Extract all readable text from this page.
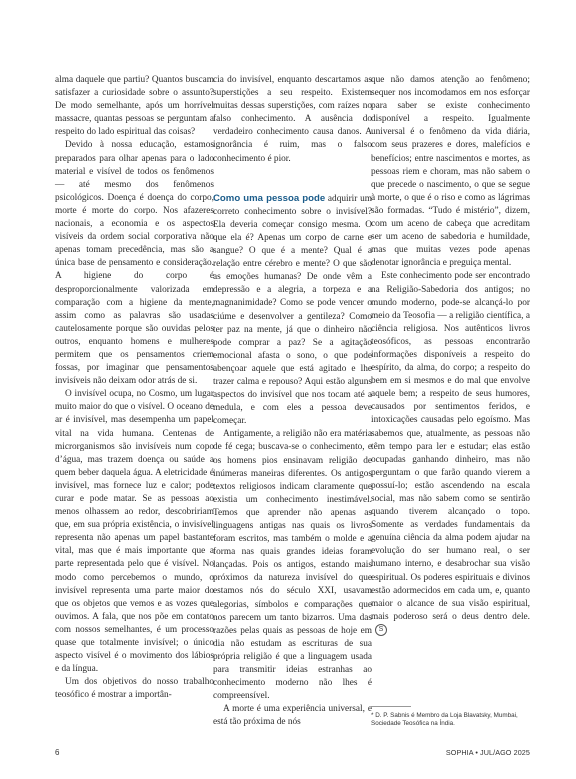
alma daquele que partiu? Quantos buscam satisfazer a curiosidade sobre o assunto? De modo semelhante, após um horrível massacre, quantas pessoas se perguntam a respeito do lado espiritual das coisas?

Devido à nossa educação, estamos preparados para olhar apenas para o lado material e visível de todos os fenômenos — até mesmo dos fenômenos psicológicos. Doença é doença do corpo, morte é morte do corpo. Nos afazeres nacionais, a economia e os aspectos visíveis da ordem social corporativa não apenas tomam precedência, mas são a única base de pensamento e consideração. A higiene do corpo é desproporcionalmente valorizada em comparação com a higiene da mente, assim como as palavras são usadas cautelosamente porque são ouvidas pelos outros, enquanto homens e mulheres permitem que os pensamentos criem fossas, por imaginar que pensamentos invisíveis não deixam odor atrás de si.

O invisível ocupa, no Cosmo, um lugar muito maior do que o visível. O oceano de ar é invisível, mas desempenha um papel vital na vida humana. Centenas de microrganismos são invisíveis num copo d’água, mas trazem doença ou saúde a quem beber daquela água. A eletricidade é invisível, mas fornece luz e calor; pode curar e pode matar. Se as pessoas ao menos olhassem ao redor, descobririam que, em sua própria existência, o invisível representa não apenas um papel bastante vital, mas que é mais importante que a parte representada pelo que é visível. No modo como percebemos o mundo, o invisível representa uma parte maior do que os objetos que vemos e as vozes que ouvimos. A fala, que nos põe em contato com nossos semelhantes, é um processo quase que totalmente invisível; o único aspecto visível é o movimento dos lábios e da língua.

Um dos objetivos do nosso trabalho teosófico é mostrar a importân-

cia do invisível, enquanto descartamos as superstições a seu respeito. Existem muitas dessas superstições, com raízes no falso conhecimento. A ausência do verdadeiro conhecimento causa danos. A ignorância é ruim, mas o falso conhecimento é pior.

Como uma pessoa pode adquirir um correto conhecimento sobre o invisível? Ela deveria começar consigo mesma. O que ela é? Apenas um corpo de carne e sangue? O que é a mente? Qual é a relação entre cérebro e mente? O que são as emoções humanas? De onde vêm a depressão e a alegria, a torpeza e a magnanimidade? Como se pode vencer o ciúme e desenvolver a gentileza? Como ter paz na mente, já que o dinheiro não pode comprar a paz? Se a agitação emocional afasta o sono, o que pode abençoar aquele que está agitado e lhe trazer calma e repouso? Aqui estão alguns aspectos do invisível que nos tocam até a medula, e com eles a pessoa deve começar.

Antigamente, a religião não era matéria de fé cega; buscava-se o conhecimento, e os homens pios ensinavam religião de inúmeras maneiras diferentes. Os antigos textos religiosos indicam claramente que existia um conhecimento inestimável. Temos que aprender não apenas as linguagens antigas nas quais os livros foram escritos, mas também o molde e a forma nas quais grandes ideias foram lançadas. Pois os antigos, estando mais próximos da natureza invisível do que estamos nós do século XXI, usavam alegorias, símbolos e comparações que nos parecem um tanto bizarros. Uma das razões pelas quais as pessoas de hoje em dia não estudam as escrituras de sua própria religião é que a linguagem usada para transmitir ideias estranhas ao conhecimento moderno não lhes é compreensível.

A morte é uma experiência universal, e está tão próxima de nós

que não damos atenção ao fenômeno; sequer nos incomodamos em nos esforçar para saber se existe conhecimento disponível a respeito. Igualmente universal é o fenômeno da vida diária, com seus prazeres e dores, malefícios e benefícios; entre nascimentos e mortes, as pessoas riem e choram, mas não sabem o que precede o nascimento, o que se segue à morte, o que é o riso e como as lágrimas são formadas. “Tudo é mistério”, dizem, com um aceno de cabeça que acreditam ser um aceno de sabedoria e humildade, mas que muitas vezes pode apenas denotar ignorância e preguiça mental.

Este conhecimento pode ser encontrado na Religião-Sabedoria dos antigos; no mundo moderno, pode-se alcançá-lo por meio da Teosofia — a religião científica, a ciência religiosa. Nos autênticos livros teosóficos, as pessoas encontrarão informações disponíveis a respeito do espírito, da alma, do corpo; a respeito do bem em si mesmos e do mal que envolve aquele bem; a respeito de seus humores, causados por sentimentos feridos, e intoxicações causadas pelo egoísmo. Mas sabemos que, atualmente, as pessoas não têm tempo para ler e estudar; elas estão ocupadas ganhando dinheiro, mas não perguntam o que farão quando vierem a possuí-lo; estão ascendendo na escala social, mas não sabem como se sentirão quando tiverem alcançado o topo. Somente as verdades fundamentais da genuína ciência da alma podem ajudar na evolução do ser humano real, o ser humano interno, e desabrochar sua visão espiritual. Os poderes espirituais e divinos estão adormecidos em cada um, e, quanto maior o alcance de sua visão espiritual, mais poderoso será o deus dentro dele.S

* D. P. Sabnis é Membro da Loja Blavatsky, Mumbai, Sociedade Teosófica na Índia.
6	SOPHIA • JUL/AGO 2025
